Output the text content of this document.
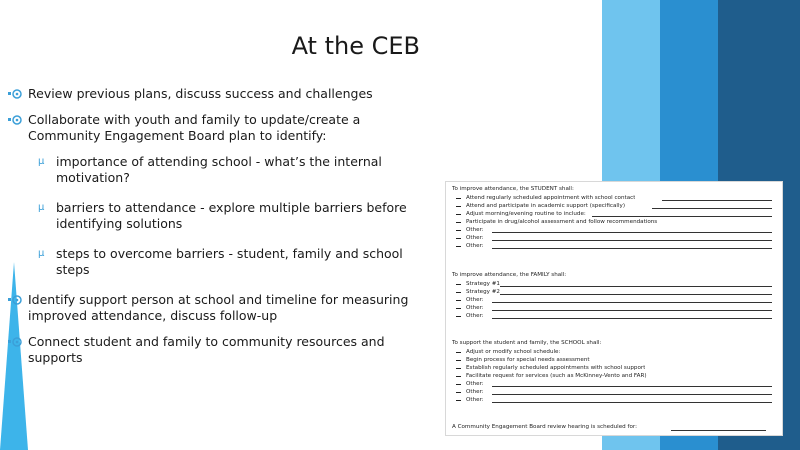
At the CEB
Review previous plans, discuss success and challenges
Collaborate with youth and family to update/create a Community Engagement Board plan to identify:
µ importance of attending school - what’s the internal motivation?
µ barriers to attendance - explore multiple barriers before identifying solutions
µ steps to overcome barriers - student, family and school steps
Identify support person at school and timeline for measuring improved attendance, discuss follow-up
Connect student and family to community resources and supports
To improve attendance, the STUDENT shall:
Attend regularly scheduled appointment with school contact
Attend and participate in academic support (specifically)
Adjust morning/evening routine to include:
Participate in drug/alcohol assessment and follow recommendations
Other:
Other:
Other:
To improve attendance, the FAMILY shall:
Strategy #1
Strategy #2
Other:
Other:
Other:
To support the student and family, the SCHOOL shall:
Adjust or modify school schedule:
Begin process for special needs assessment
Establish regularly scheduled appointments with school support
Facilitate request for services (such as McKinney-Vento and FAR)
Other:
Other:
Other:
A Community Engagement Board review hearing is scheduled for:
